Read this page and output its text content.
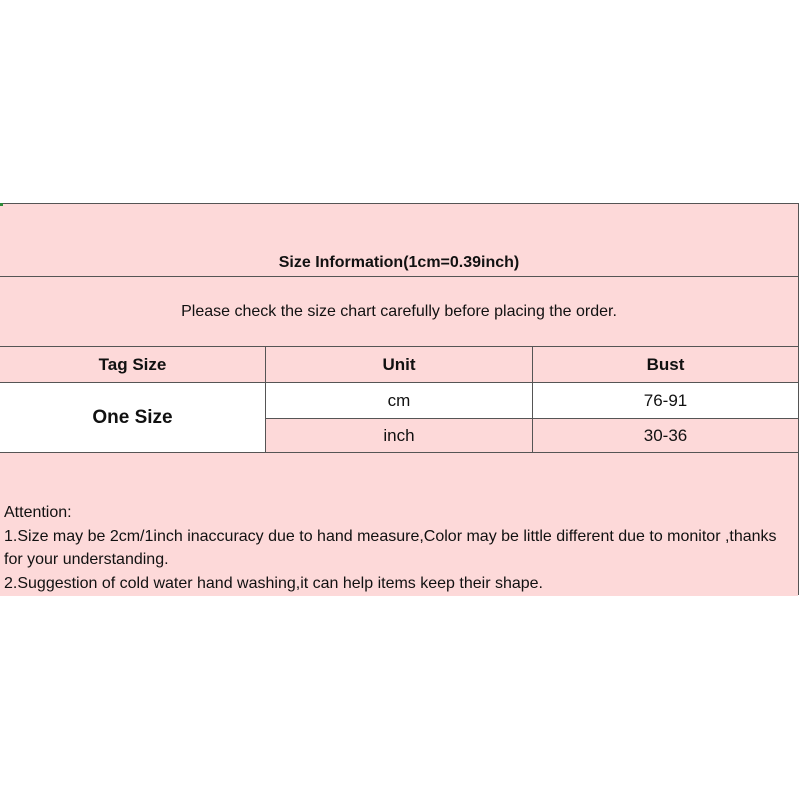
Size Information(1cm=0.39inch)
Please check the size chart carefully before placing the order.
Tag Size	Unit	Bust
One Size
cm	76-91
inch	30-36

Attention:

1.Size may be 2cm/1inch inaccuracy due to hand measure,Color may be little different due to monitor ,thanks for your understanding.

2.Suggestion of cold water hand washing,it can help items keep their shape.
